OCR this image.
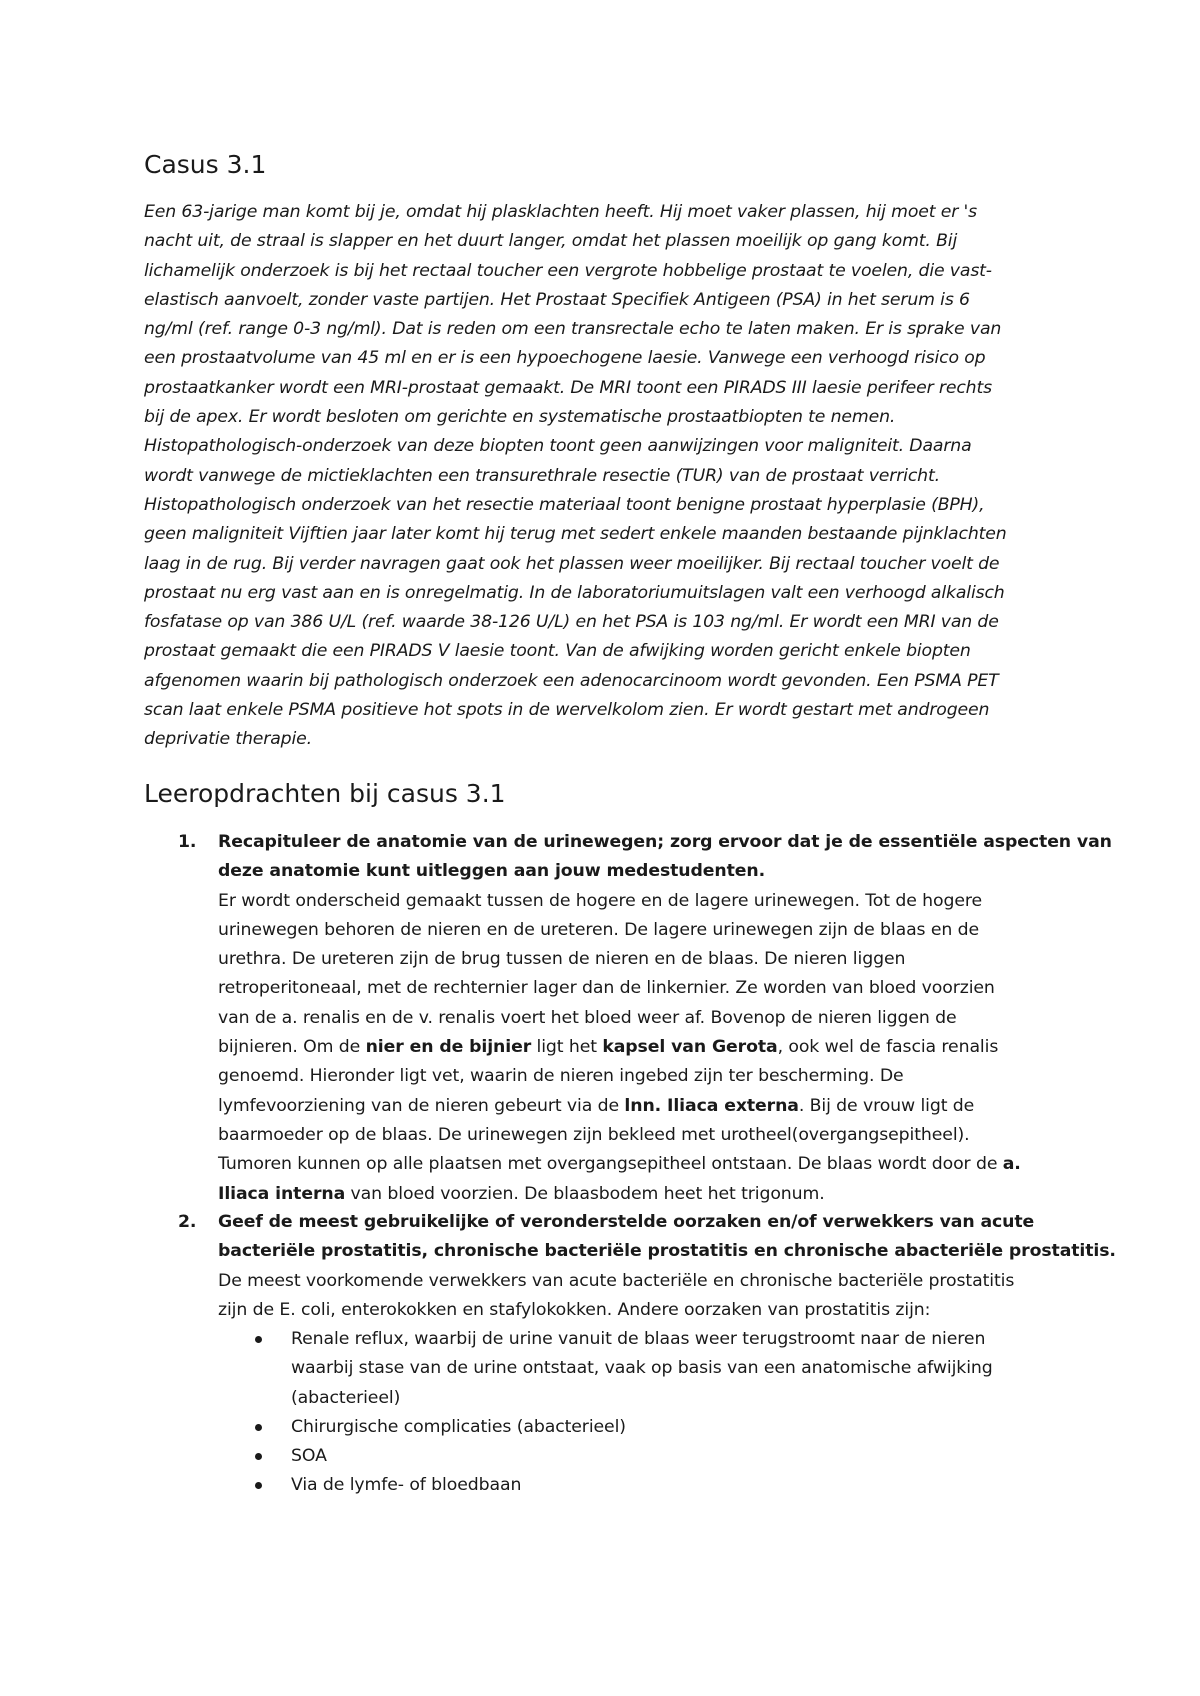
Casus 3.1
Een 63-jarige man komt bij je, omdat hij plasklachten heeft. Hij moet vaker plassen, hij moet er 's
nacht uit, de straal is slapper en het duurt langer, omdat het plassen moeilijk op gang komt. Bij
lichamelijk onderzoek is bij het rectaal toucher een vergrote hobbelige prostaat te voelen, die vast-
elastisch aanvoelt, zonder vaste partijen. Het Prostaat Specifiek Antigeen (PSA) in het serum is 6
ng/ml (ref. range 0-3 ng/ml). Dat is reden om een transrectale echo te laten maken. Er is sprake van
een prostaatvolume van 45 ml en er is een hypoechogene laesie. Vanwege een verhoogd risico op
prostaatkanker wordt een MRI-prostaat gemaakt. De MRI toont een PIRADS III laesie perifeer rechts
bij de apex. Er wordt besloten om gerichte en systematische prostaatbiopten te nemen.
Histopathologisch-onderzoek van deze biopten toont geen aanwijzingen voor maligniteit. Daarna
wordt vanwege de mictieklachten een transurethrale resectie (TUR) van de prostaat verricht.
Histopathologisch onderzoek van het resectie materiaal toont benigne prostaat hyperplasie (BPH),
geen maligniteit Vijftien jaar later komt hij terug met sedert enkele maanden bestaande pijnklachten
laag in de rug. Bij verder navragen gaat ook het plassen weer moeilijker. Bij rectaal toucher voelt de
prostaat nu erg vast aan en is onregelmatig. In de laboratoriumuitslagen valt een verhoogd alkalisch
fosfatase op van 386 U/L (ref. waarde 38-126 U/L) en het PSA is 103 ng/ml. Er wordt een MRI van de
prostaat gemaakt die een PIRADS V laesie toont. Van de afwijking worden gericht enkele biopten
afgenomen waarin bij pathologisch onderzoek een adenocarcinoom wordt gevonden. Een PSMA PET
scan laat enkele PSMA positieve hot spots in de wervelkolom zien. Er wordt gestart met androgeen
deprivatie therapie.
Leeropdrachten bij casus 3.1
1. Recapituleer de anatomie van de urinewegen; zorg ervoor dat je de essentiële aspecten van
deze anatomie kunt uitleggen aan jouw medestudenten.
Er wordt onderscheid gemaakt tussen de hogere en de lagere urinewegen. Tot de hogere
urinewegen behoren de nieren en de ureteren. De lagere urinewegen zijn de blaas en de
urethra. De ureteren zijn de brug tussen de nieren en de blaas. De nieren liggen
retroperitoneaal, met de rechternier lager dan de linkernier. Ze worden van bloed voorzien
van de a. renalis en de v. renalis voert het bloed weer af. Bovenop de nieren liggen de
bijnieren. Om de nier en de bijnier ligt het kapsel van Gerota, ook wel de fascia renalis
genoemd. Hieronder ligt vet, waarin de nieren ingebed zijn ter bescherming. De
lymfevoorziening van de nieren gebeurt via de lnn. Iliaca externa. Bij de vrouw ligt de
baarmoeder op de blaas. De urinewegen zijn bekleed met urotheel(overgangsepitheel).
Tumoren kunnen op alle plaatsen met overgangsepitheel ontstaan. De blaas wordt door de a.
Iliaca interna van bloed voorzien. De blaasbodem heet het trigonum.
2. Geef de meest gebruikelijke of veronderstelde oorzaken en/of verwekkers van acute
bacteriële prostatitis, chronische bacteriële prostatitis en chronische abacteriële prostatitis.
De meest voorkomende verwekkers van acute bacteriële en chronische bacteriële prostatitis
zijn de E. coli, enterokokken en stafylokokken. Andere oorzaken van prostatitis zijn:
Renale reflux, waarbij de urine vanuit de blaas weer terugstroomt naar de nieren
waarbij stase van de urine ontstaat, vaak op basis van een anatomische afwijking
(abacterieel)
Chirurgische complicaties (abacterieel)
SOA
Via de lymfe- of bloedbaan
